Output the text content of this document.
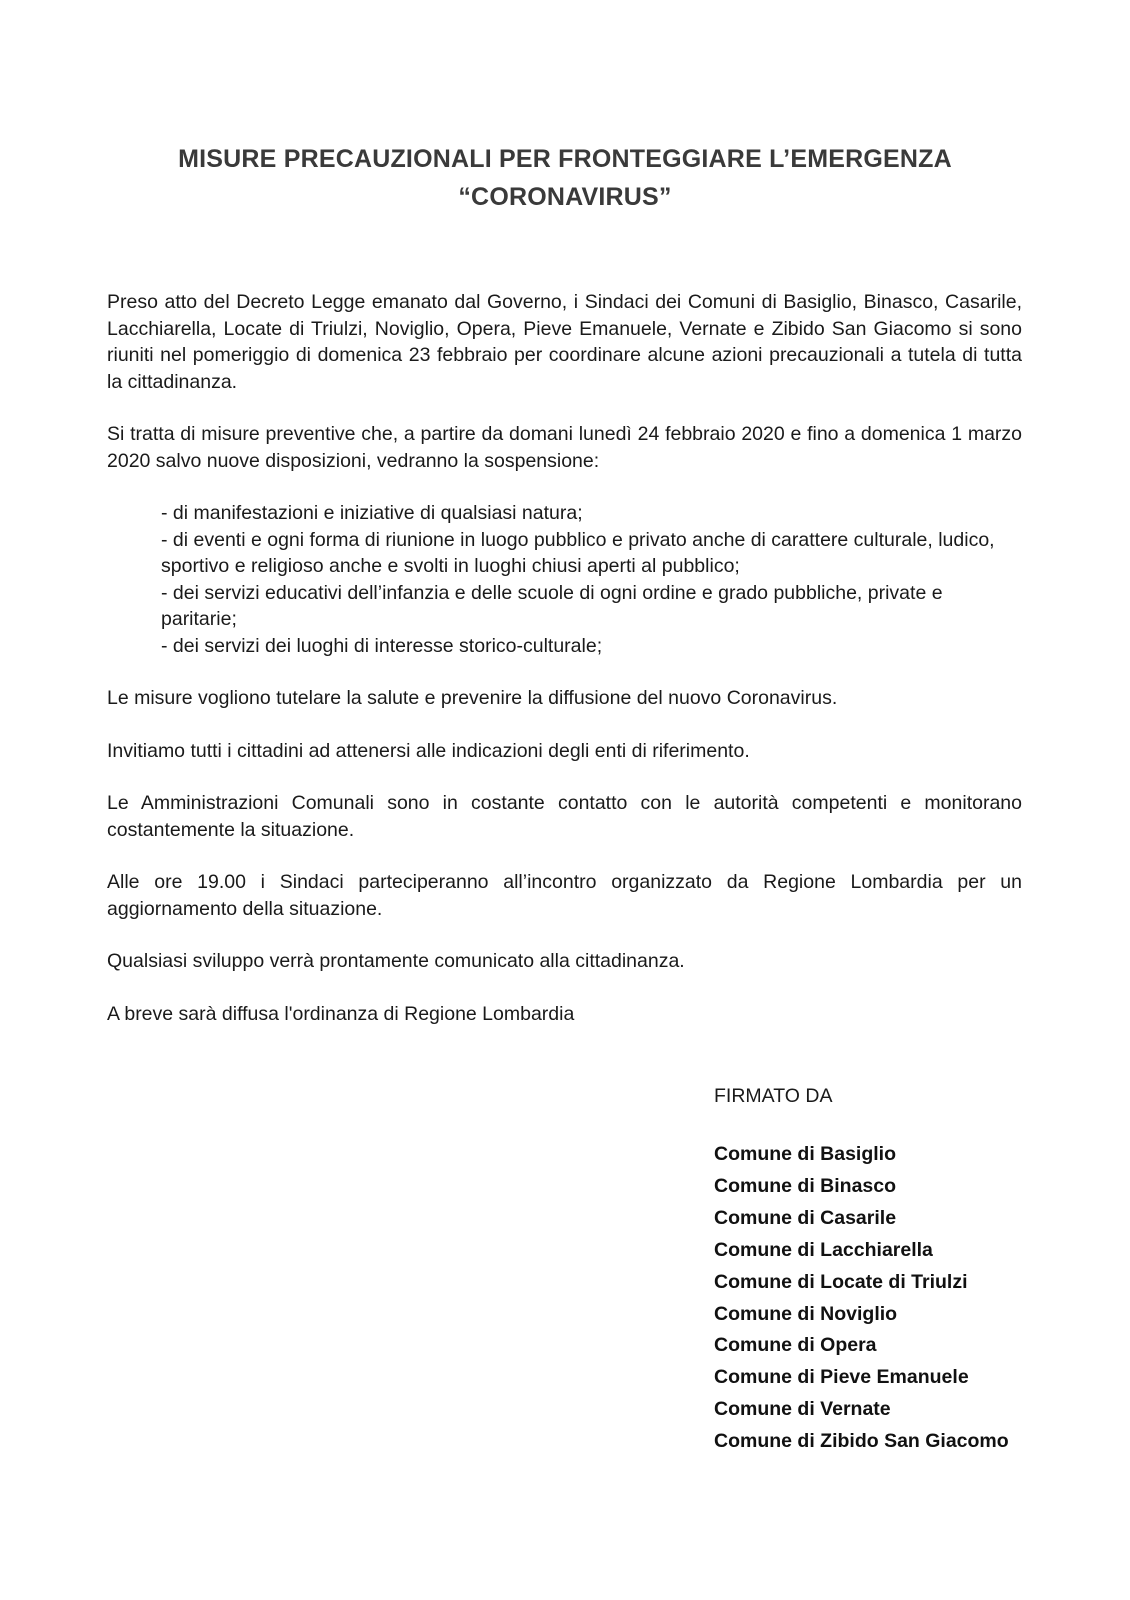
MISURE PRECAUZIONALI PER FRONTEGGIARE L’EMERGENZA
“CORONAVIRUS”

Preso atto del Decreto Legge emanato dal Governo, i Sindaci dei Comuni di Basiglio, Binasco, Casarile, Lacchiarella, Locate di Triulzi, Noviglio, Opera, Pieve Emanuele, Vernate e Zibido San Giacomo si sono riuniti nel pomeriggio di domenica 23 febbraio per coordinare alcune azioni precauzionali a tutela di tutta la cittadinanza.

Si tratta di misure preventive che, a partire da domani lunedì 24 febbraio 2020 e fino a domenica 1 marzo 2020 salvo nuove disposizioni, vedranno la sospensione:

- di manifestazioni e iniziative di qualsiasi natura;
- di eventi e ogni forma di riunione in luogo pubblico e privato anche di carattere culturale, ludico, sportivo e religioso anche e svolti in luoghi chiusi aperti al pubblico;
- dei servizi educativi dell’infanzia e delle scuole di ogni ordine e grado pubbliche, private e paritarie;
- dei servizi dei luoghi di interesse storico-culturale;

Le misure vogliono tutelare la salute e prevenire la diffusione del nuovo Coronavirus.

Invitiamo tutti i cittadini ad attenersi alle indicazioni degli enti di riferimento.

Le Amministrazioni Comunali sono in costante contatto con le autorità competenti e monitorano costantemente la situazione.

Alle ore 19.00 i Sindaci parteciperanno all’incontro organizzato da Regione Lombardia per un aggiornamento della situazione.

Qualsiasi sviluppo verrà prontamente comunicato alla cittadinanza.

A breve sarà diffusa l'ordinanza di Regione Lombardia

FIRMATO DA
Comune di Basiglio
Comune di Binasco
Comune di Casarile
Comune di Lacchiarella
Comune di Locate di Triulzi
Comune di Noviglio
Comune di Opera
Comune di Pieve Emanuele
Comune di Vernate
Comune di Zibido San Giacomo
